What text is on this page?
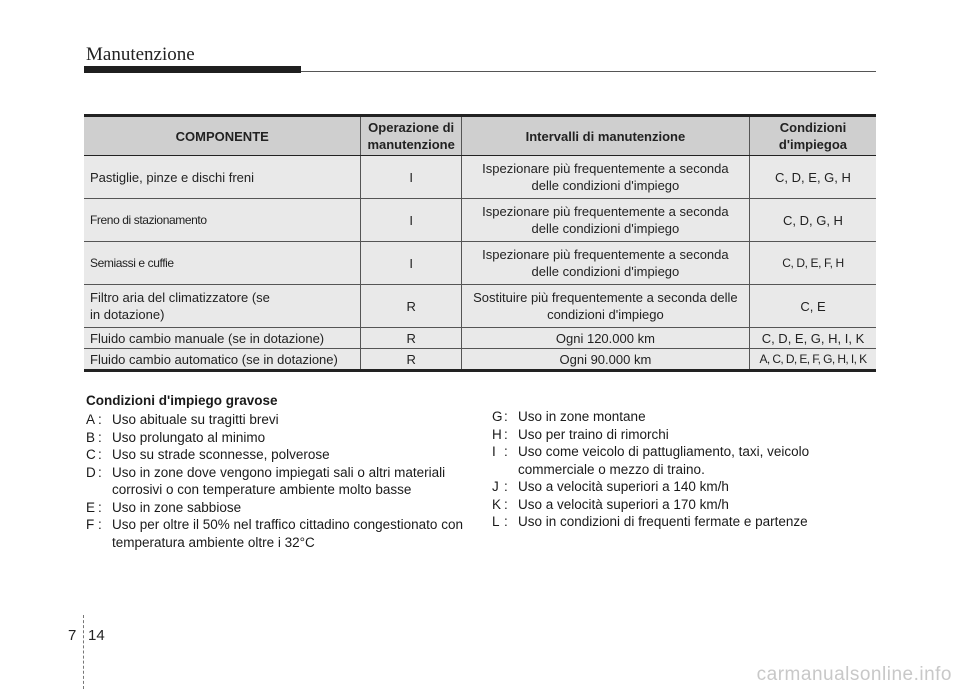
Manutenzione
COMPONENTE	Operazione di manutenzione	Intervalli di manutenzione	Condizioni d'impiegoa
Pastiglie, pinze e dischi freni	I	Ispezionare più frequentemente a seconda delle condizioni d'impiego	C, D, E, G, H
Freno di stazionamento	I	Ispezionare più frequentemente a seconda delle condizioni d'impiego	C, D, G, H
Semiassi e cuffie	I	Ispezionare più frequentemente a seconda delle condizioni d'impiego	C, D, E, F, H
Filtro aria del climatizzatore (se in dotazione)	R	Sostituire più frequentemente a seconda delle condizioni d'impiego	C, E
Fluido cambio manuale (se in dotazione)	R	Ogni 120.000 km	C, D, E, G, H, I, K
Fluido cambio automatico (se in dotazione)	R	Ogni 90.000 km	A, C, D, E, F, G, H, I, K
Condizioni d'impiego gravose
A : Uso abituale su tragitti brevi
B : Uso prolungato al minimo
C : Uso su strade sconnesse, polverose
D : Uso in zone dove vengono impiegati sali o altri materiali corrosivi o con temperature ambiente molto basse
E : Uso in zone sabbiose
F : Uso per oltre il 50% nel traffico cittadino congestionato con temperatura ambiente oltre i 32°C
G : Uso in zone montane
H : Uso per traino di rimorchi
I : Uso come veicolo di pattugliamento, taxi, veicolo commerciale o mezzo di traino.
J : Uso a velocità superiori a 140 km/h
K : Uso a velocità superiori a 170 km/h
L : Uso in condizioni di frequenti fermate e partenze
7 14
carmanualsonline.info
